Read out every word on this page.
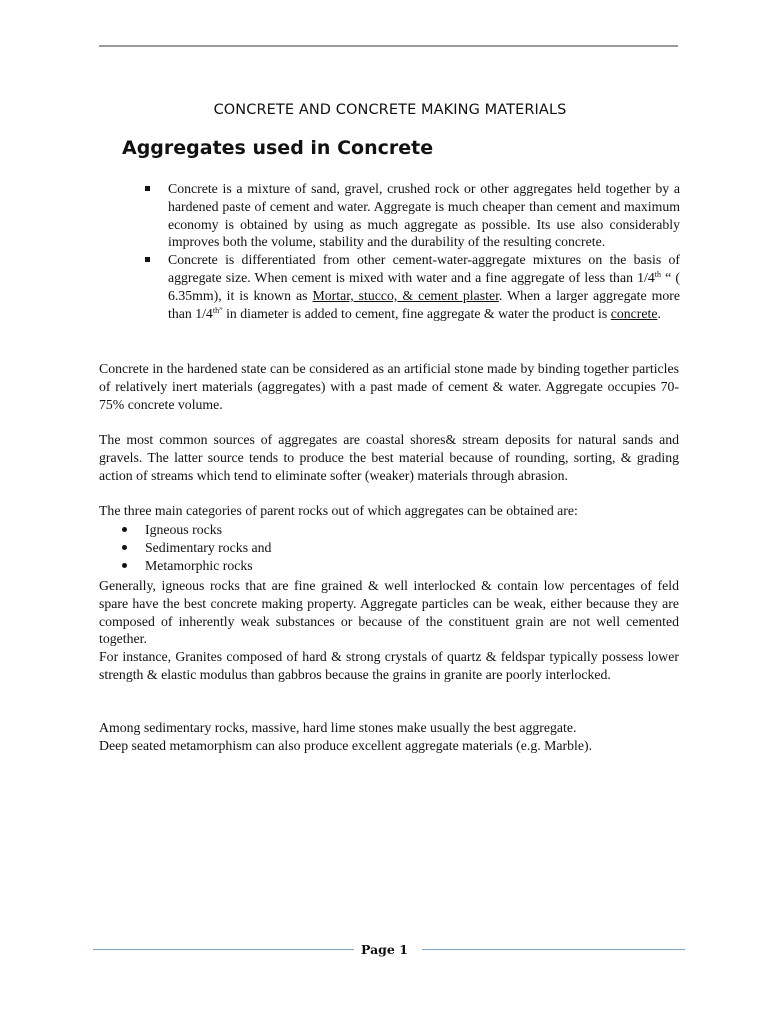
CONCRETE AND CONCRETE MAKING MATERIALS
Aggregates used in Concrete
Concrete is a mixture of sand, gravel, crushed rock or other aggregates held together by a hardened paste of cement and water. Aggregate is much cheaper than cement and maximum economy is obtained by using as much aggregate as possible. Its use also considerably improves both the volume, stability and the durability of the resulting concrete.
Concrete is differentiated from other cement-water-aggregate mixtures on the basis of aggregate size. When cement is mixed with water and a fine aggregate of less than 1/4th “ ( 6.35mm), it is known as Mortar, stucco, & cement plaster. When a larger aggregate more than $1/4^{th”}$ in diameter is added to cement, fine aggregate & water the product is concrete.

Concrete in the hardened state can be considered as an artificial stone made by binding together particles of relatively inert materials (aggregates) with a past made of cement & water. Aggregate occupies 70-75% concrete volume.

The most common sources of aggregates are coastal shores& stream deposits for natural sands and gravels. The latter source tends to produce the best material because of rounding, sorting, & grading action of streams which tend to eliminate softer (weaker) materials through abrasion.

The three main categories of parent rocks out of which aggregates can be obtained are:

Igneous rocks
Sedimentary rocks and
Metamorphic rocks

Generally, igneous rocks that are fine grained & well interlocked & contain low percentages of feld spare have the best concrete making property. Aggregate particles can be weak, either because they are composed of inherently weak substances or because of the constituent grain are not well cemented together.

For instance, Granites composed of hard & strong crystals of quartz & feldspar typically possess lower strength & elastic modulus than gabbros because the grains in granite are poorly interlocked.

Among sedimentary rocks, massive, hard lime stones make usually the best aggregate.

Deep seated metamorphism can also produce excellent aggregate materials (e.g. Marble).

Page 1
